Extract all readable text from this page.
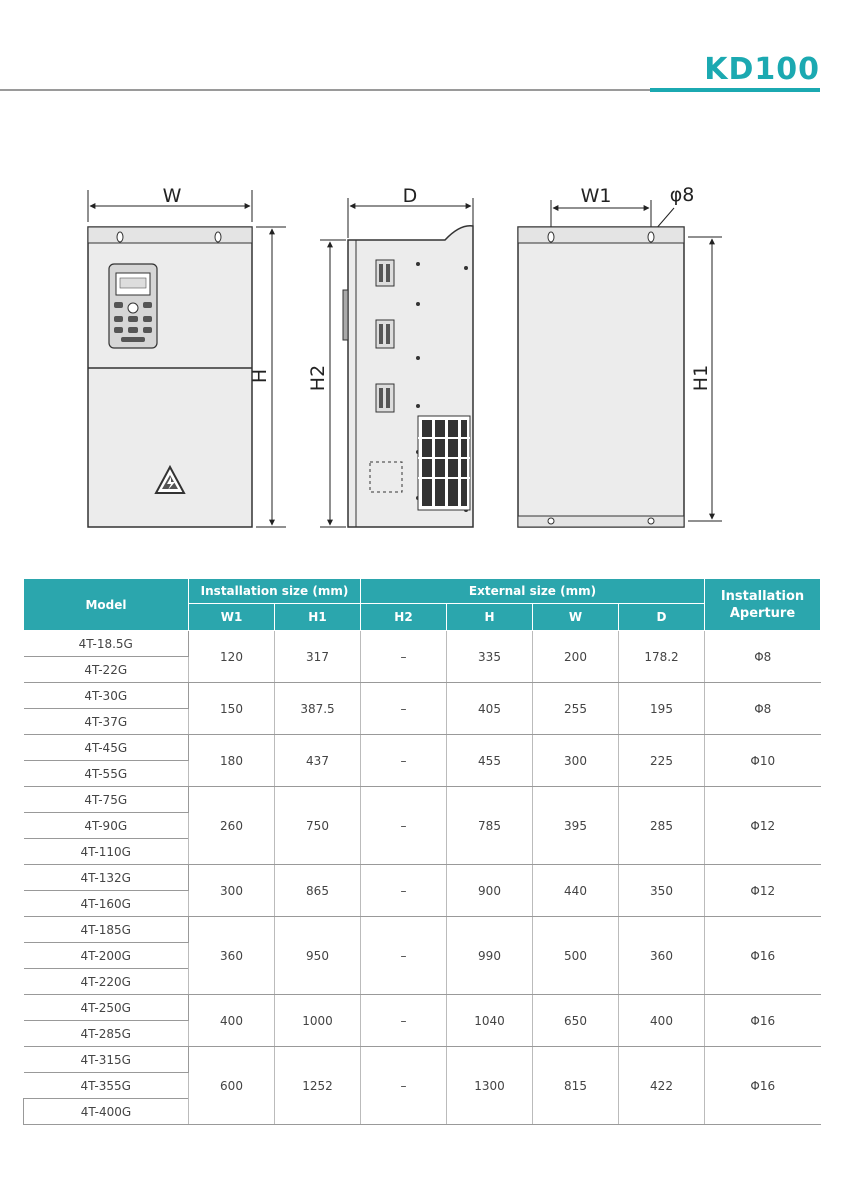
KD100
W
H
D
H2
W1	φ8
H1
Model	Installation size (mm)		External size (mm)				Installation Aperture
	W1	H1	H2	H	W	D	
4T-18.5G	120	317	–	335	200	178.2	Φ8
4T-22G							
4T-30G	150	387.5	–	405	255	195	Φ8
4T-37G							
4T-45G	180	437	–	455	300	225	Φ10
4T-55G							
4T-75G	260	750	–	785	395	285	Φ12
4T-90G							
4T-110G							
4T-132G	300	865	–	900	440	350	Φ12
4T-160G							
4T-185G	360	950	–	990	500	360	Φ16
4T-200G							
4T-220G							
4T-250G	400	1000	–	1040	650	400	Φ16
4T-285G							
4T-315G	600	1252	–	1300	815	422	Φ16
4T-355G							
4T-400G							
